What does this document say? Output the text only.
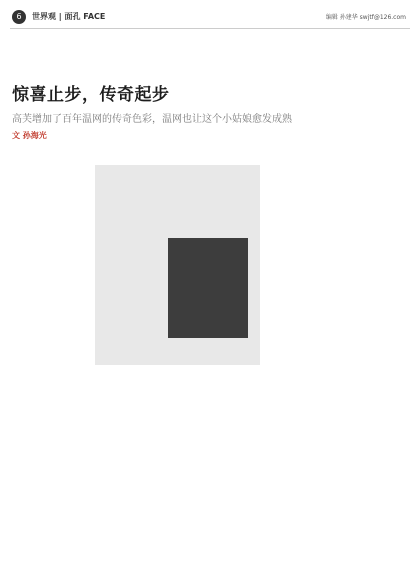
6	世界观 | 面孔 FACE	编辑 孙建华 swjtf@126.com
惊喜止步，传奇起步
高芙增加了百年温网的传奇色彩，温网也让这个小姑娘愈发成熟
文 孙海光
